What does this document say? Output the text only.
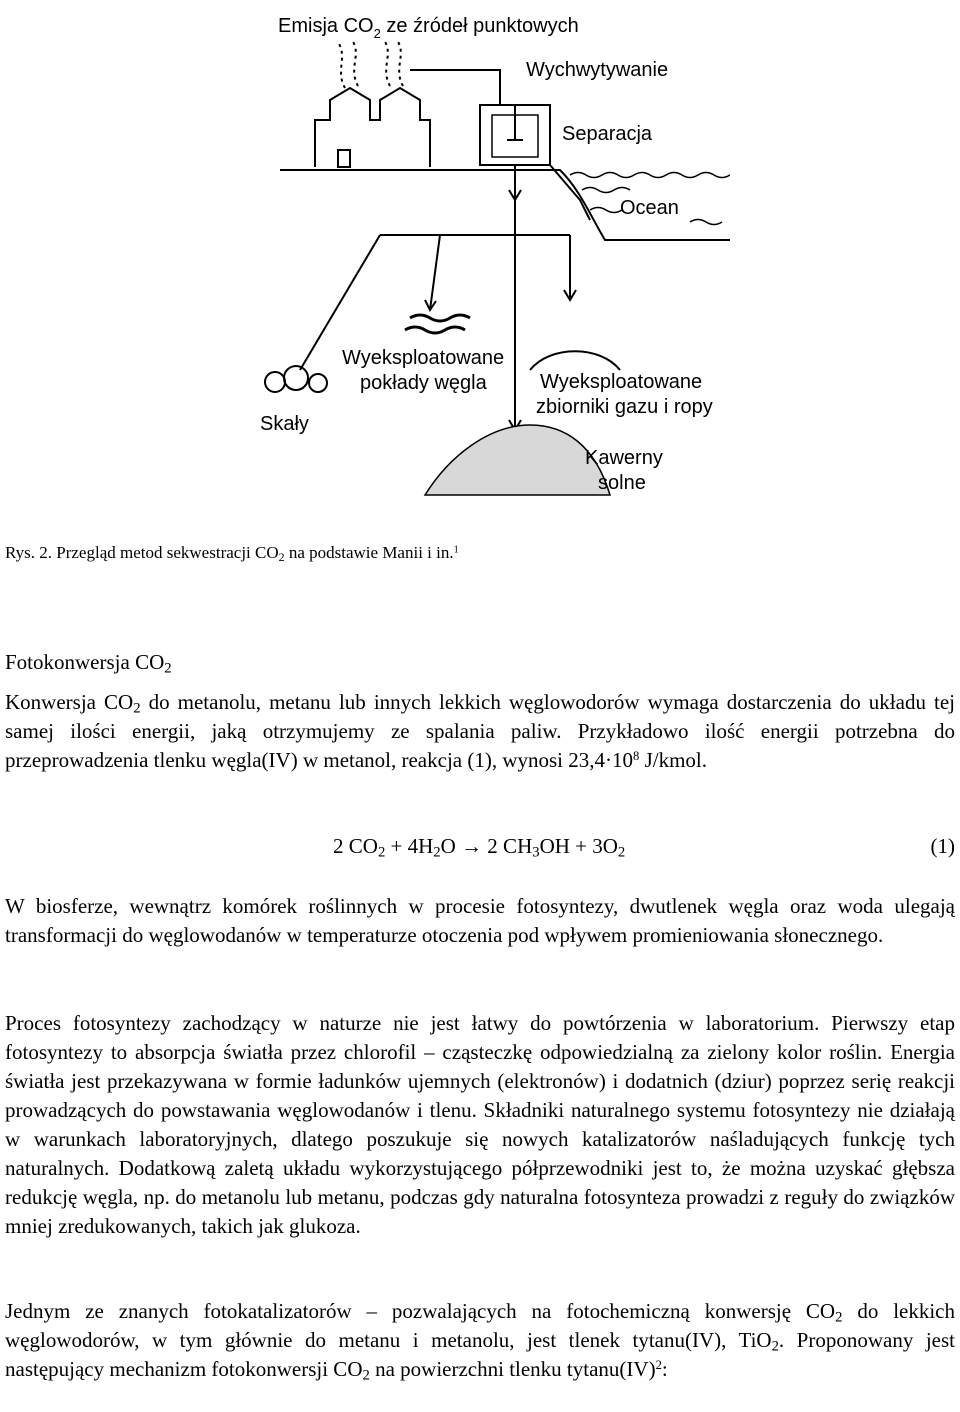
Emisja $CO_2$ ze źródeł punktowych
Wychwytywanie
Separacja
Ocean
Wyeksploatowane
pokłady węgla	Wyeksploatowane
zbiorniki gazu i ropy
Skały
Kawerny
solne
Rys. 2. Przegląd metod sekwestracji $CO_2$ na podstawie Manii i in.$^1$
Fotokonwersja $CO_2$
Konwersja $CO_2$ do metanolu, metanu lub innych lekkich węglowodorów wymaga dostarczenia do układu tej samej ilości energii, jaką otrzymujemy ze spalania paliw. Przykładowo ilość energii potrzebna do przeprowadzenia tlenku węgla(IV) w metanol, reakcja (1), wynosi $23,4\cdot 10^8$ J/kmol.
2 $CO_2 + 4H_2O \to 2$ $CH_3OH + 3O_2$	(1)
W biosferze, wewnątrz komórek roślinnych w procesie fotosyntezy, dwutlenek węgla oraz woda ulegają transformacji do węglowodanów w temperaturze otoczenia pod wpływem promieniowania słonecznego.
Proces fotosyntezy zachodzący w naturze nie jest łatwy do powtórzenia w laboratorium. Pierwszy etap fotosyntezy to absorpcja światła przez chlorofil – cząsteczkę odpowiedzialną za zielony kolor roślin. Energia światła jest przekazywana w formie ładunków ujemnych (elektronów) i dodatnich (dziur) poprzez serię reakcji prowadzących do powstawania węglowodanów i tlenu. Składniki naturalnego systemu fotosyntezy nie działają w warunkach laboratoryjnych, dlatego poszukuje się nowych katalizatorów naśladujących funkcję tych naturalnych. Dodatkową zaletą układu wykorzystującego półprzewodniki jest to, że można uzyskać głębsza redukcję węgla, np. do metanolu lub metanu, podczas gdy naturalna fotosynteza prowadzi z reguły do związków mniej zredukowanych, takich jak glukoza.
Jednym ze znanych fotokatalizatorów – pozwalających na fotochemiczną konwersję $CO_2$ do lekkich węglowodorów, w tym głównie do metanu i metanolu, jest tlenek tytanu(IV), TiO$_2$. Proponowany jest następujący mechanizm fotokonwersji $CO_2$ na powierzchni tlenku tytanu(IV)$^2$:
